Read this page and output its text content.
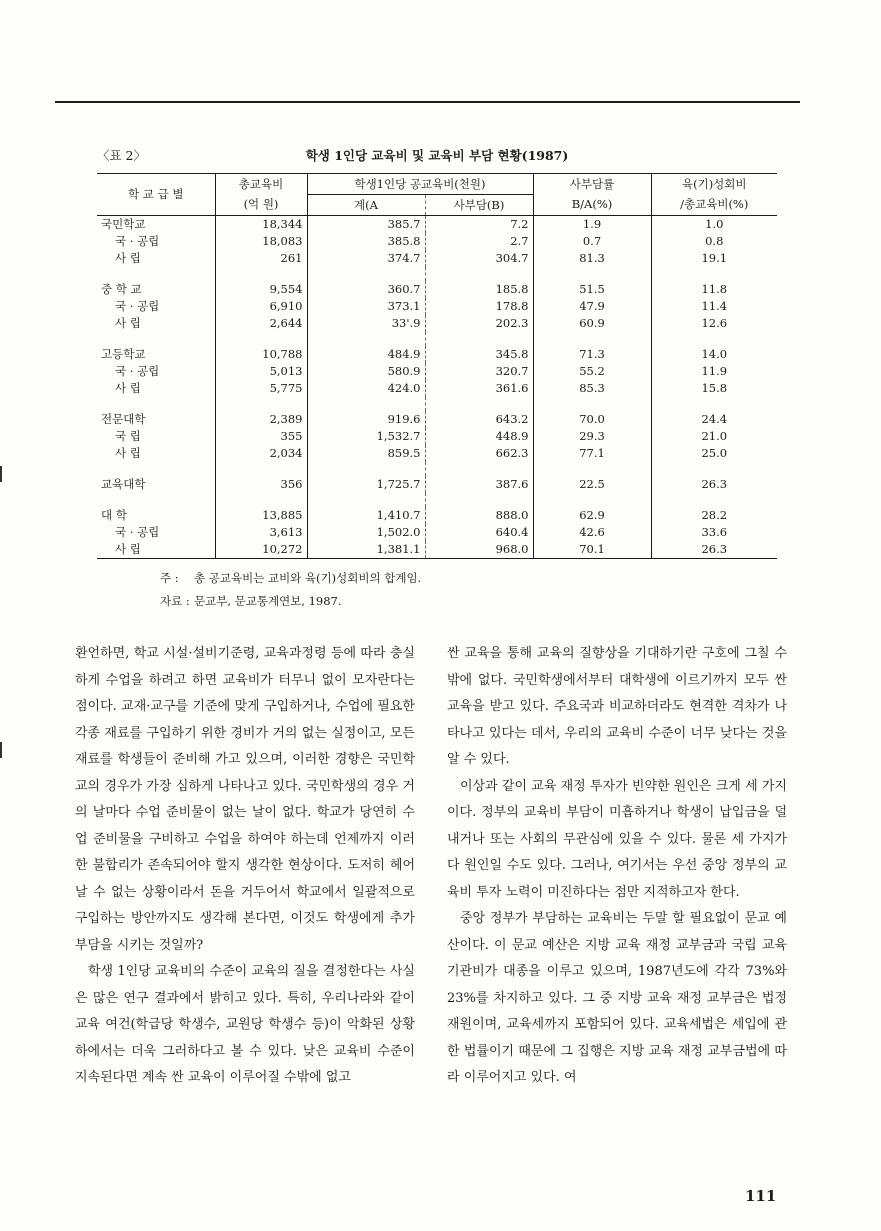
〈표 2〉	학생 1인당 교육비 및 교육비 부담 현황(1987)
학 교 급 별	총교육비	학생1인당 공교육비(천원)		사부담률	육(기)성회비
	(억 원)	계(A	사부담(B)	B/A(%)	/총교육비(%)
국민학교	18,344	385.7	7.2	1.9	1.0
국 · 공립	18,083	385.8	2.7	0.7	0.8
사 립	261	374.7	304.7	81.3	19.1

중 학 교	9,554	360.7	185.8	51.5	11.8
국 · 공립	6,910	373.1	178.8	47.9	11.4
사 립	2,644	33'.9	202.3	60.9	12.6

고등학교	10,788	484.9	345.8	71.3	14.0
국 · 공립	5,013	580.9	320.7	55.2	11.9
사 립	5,775	424.0	361.6	85.3	15.8

전문대학	2,389	919.6	643.2	70.0	24.4
국 립	355	1,532.7	448.9	29.3	21.0
사 립	2,034	859.5	662.3	77.1	25.0

교육대학	356	1,725.7	387.6	22.5	26.3

대 학	13,885	1,410.7	888.0	62.9	28.2
국 · 공립	3,613	1,502.0	640.4	42.6	33.6
사 립	10,272	1,381.1	968.0	70.1	26.3
주 : 총 공교육비는 교비와 육(기)성회비의 합계임.
자료 : 문교부, 문교통계연보, 1987.

환언하면, 학교 시설·설비기준령, 교육과정령 등에 따라 충실하게 수업을 하려고 하면 교육비가 터무니 없이 모자란다는 점이다. 교재·교구를 기준에 맞게 구입하거나, 수업에 필요한 각종 재료를 구입하기 위한 경비가 거의 없는 실정이고, 모든 재료를 학생들이 준비해 가고 있으며, 이러한 경향은 국민학교의 경우가 가장 심하게 나타나고 있다. 국민학생의 경우 거의 날마다 수업 준비물이 없는 날이 없다. 학교가 당연히 수업 준비물을 구비하고 수업을 하여야 하는데 언제까지 이러한 불합리가 존속되어야 할지 생각한 현상이다. 도저히 헤어날 수 없는 상황이라서 돈을 거두어서 학교에서 일괄적으로 구입하는 방안까지도 생각해 본다면, 이것도 학생에게 추가 부담을 시키는 것일까?

학생 1인당 교육비의 수준이 교육의 질을 결정한다는 사실은 많은 연구 결과에서 밝히고 있다. 특히, 우리나라와 같이 교육 여건(학급당 학생수, 교원당 학생수 등)이 악화된 상황하에서는 더욱 그러하다고 볼 수 있다. 낮은 교육비 수준이 지속된다면 계속 싼 교육이 이루어질 수밖에 없고

싼 교육을 통해 교육의 질향상을 기대하기란 구호에 그칠 수밖에 없다. 국민학생에서부터 대학생에 이르기까지 모두 싼 교육을 받고 있다. 주요국과 비교하더라도 현격한 격차가 나타나고 있다는 데서, 우리의 교육비 수준이 너무 낮다는 것을 알 수 있다.

이상과 같이 교육 재정 투자가 빈약한 원인은 크게 세 가지이다. 정부의 교육비 부담이 미흡하거나 학생이 납입금을 덜 내거나 또는 사회의 무관심에 있을 수 있다. 물론 세 가지가 다 원인일 수도 있다. 그러나, 여기서는 우선 중앙 정부의 교육비 투자 노력이 미진하다는 점만 지적하고자 한다.

중앙 정부가 부담하는 교육비는 두말 할 필요없이 문교 예산이다. 이 문교 예산은 지방 교육 재정 교부금과 국립 교육 기관비가 대종을 이루고 있으며, 1987년도에 각각 73%와 23%를 차지하고 있다. 그 중 지방 교육 재정 교부금은 법정 재원이며, 교육세까지 포함되어 있다. 교육세법은 세입에 관한 법률이기 때문에 그 집행은 지방 교육 재정 교부금법에 따라 이루어지고 있다. 여

111
